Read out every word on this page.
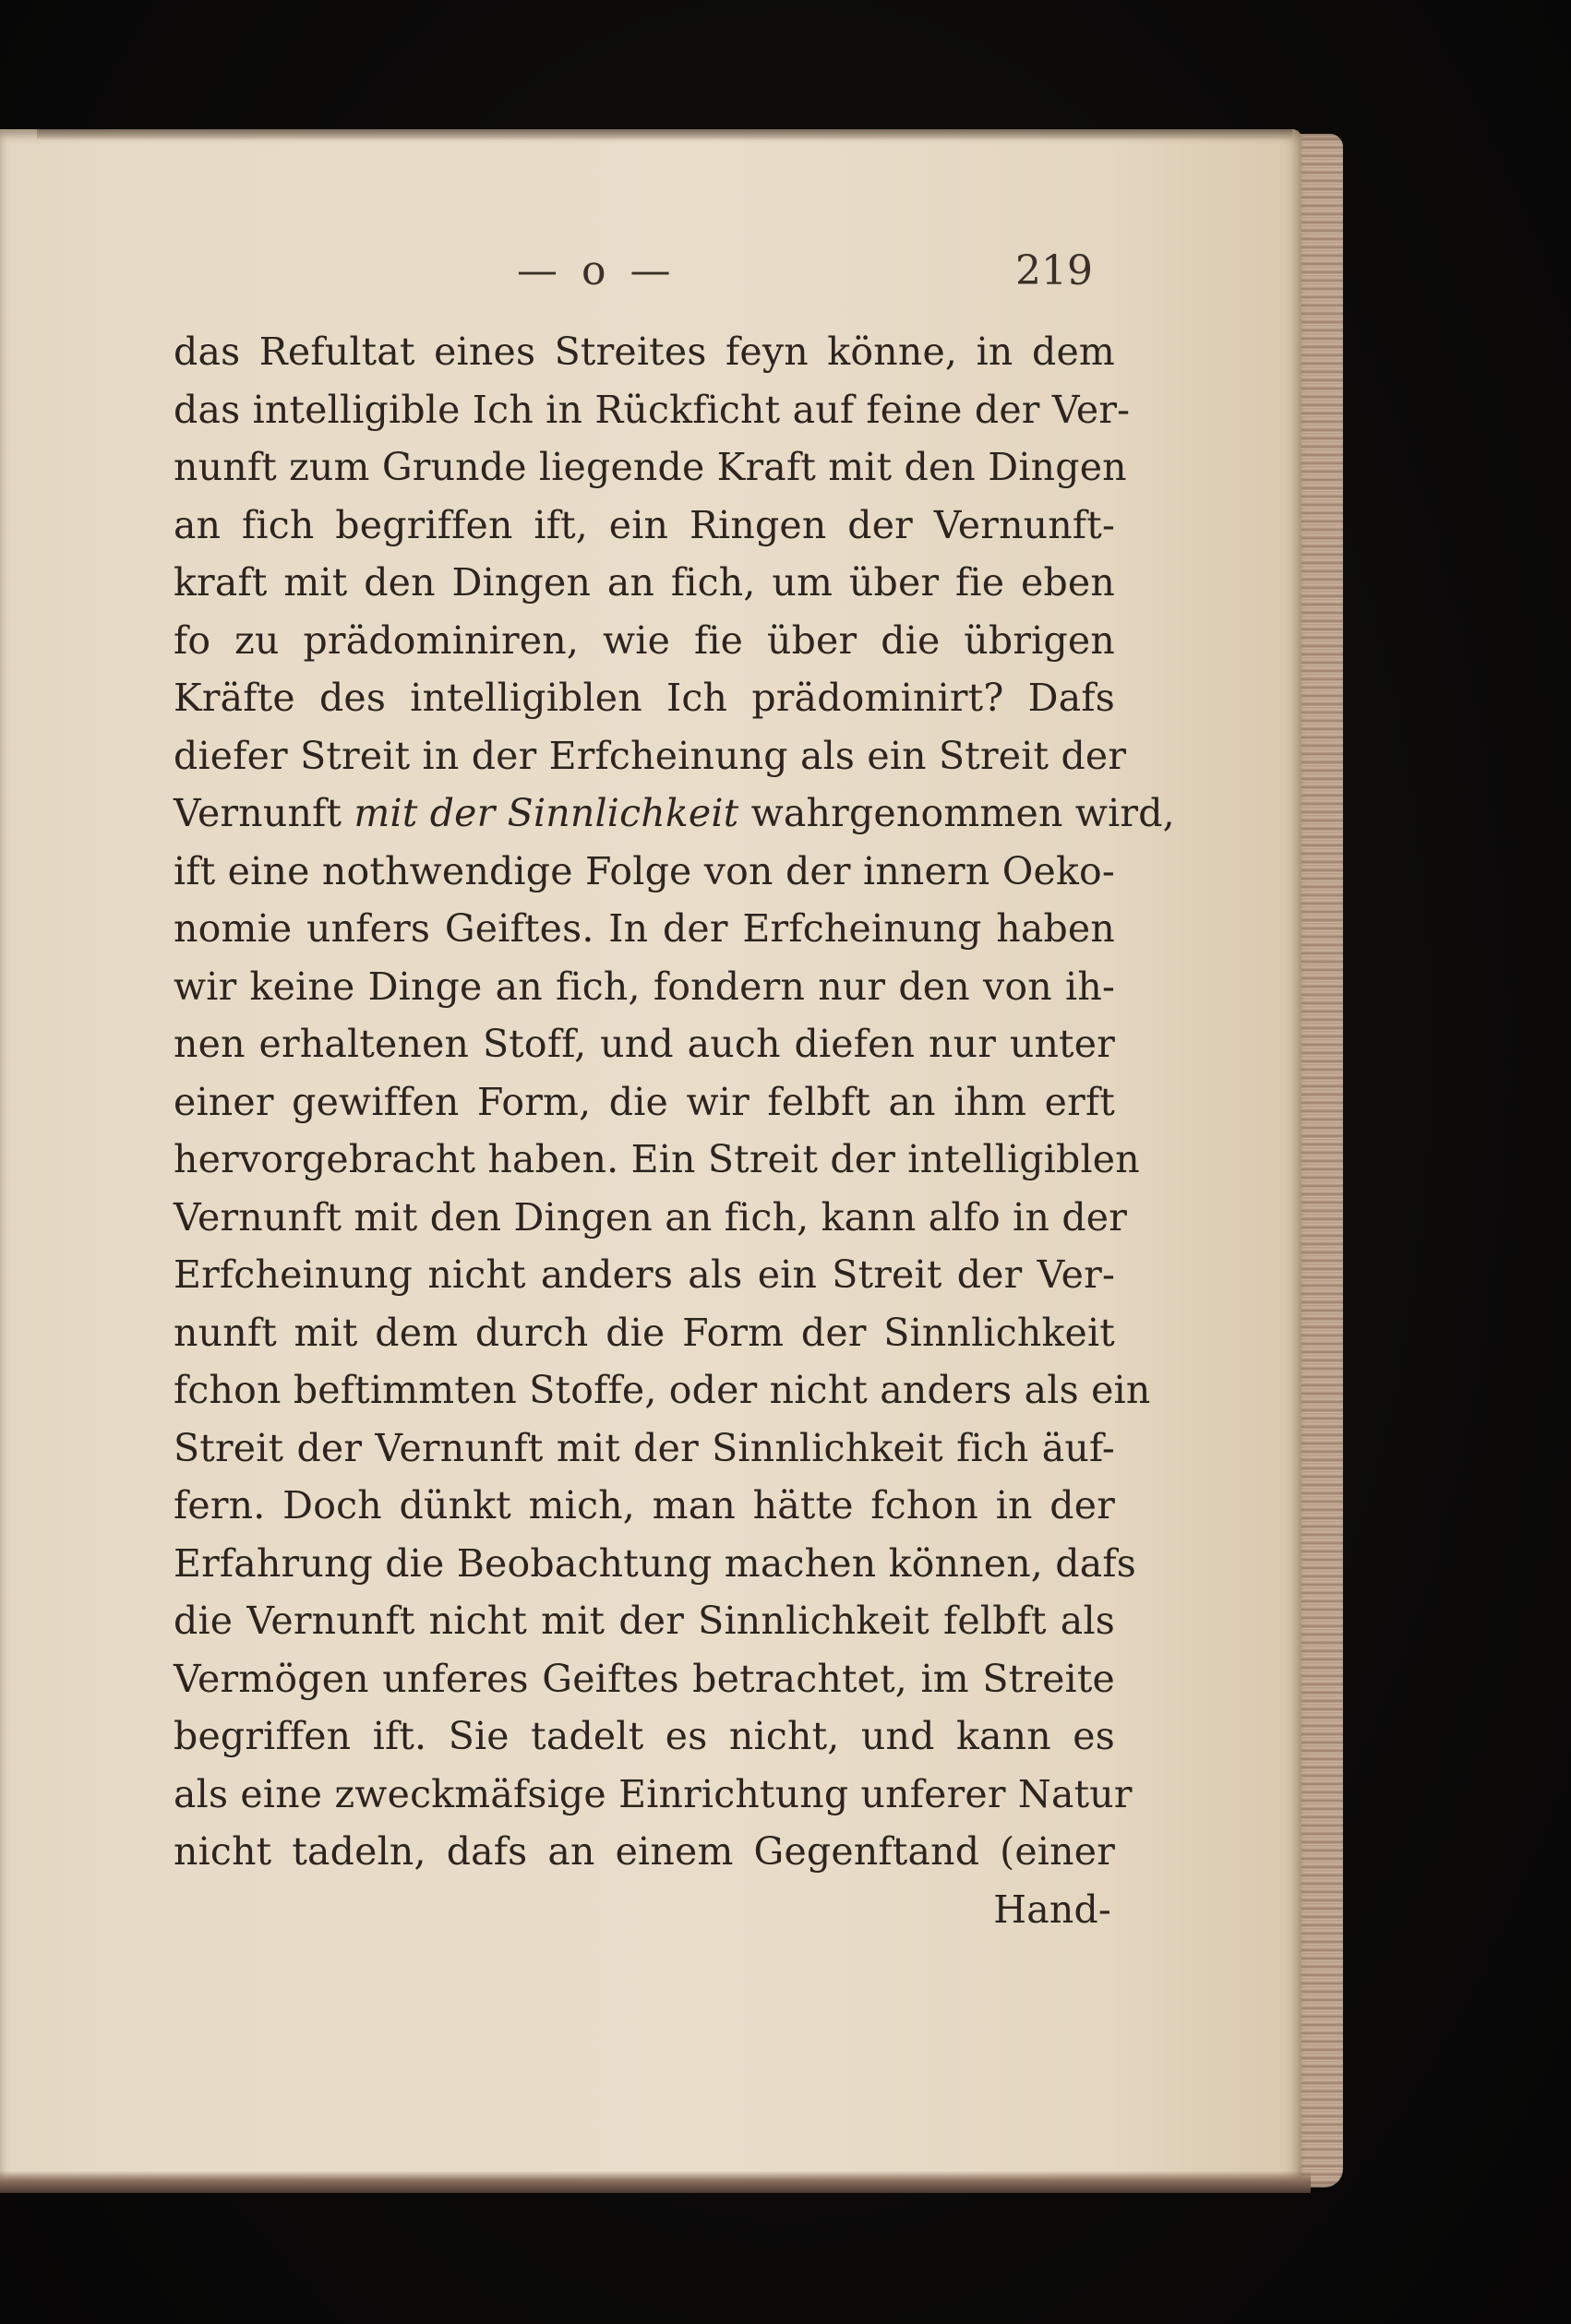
— o —	219
das Refultat eines Streites feyn könne, in dem
das intelligible Ich in Rückficht auf feine der Ver-
nunft zum Grunde liegende Kraft mit den Dingen
an fich begriffen ift, ein Ringen der Vernunft-
kraft mit den Dingen an fich, um über fie eben
fo zu prädominiren, wie fie über die übrigen
Kräfte des intelligiblen Ich prädominirt? Dafs
diefer Streit in der Erfcheinung als ein Streit der
Vernunft mit der Sinnlichkeit wahrgenommen wird,
ift eine nothwendige Folge von der innern Oeko-
nomie unfers Geiftes. In der Erfcheinung haben
wir keine Dinge an fich, fondern nur den von ih-
nen erhaltenen Stoff, und auch diefen nur unter
einer gewiffen Form, die wir felbft an ihm erft
hervorgebracht haben. Ein Streit der intelligiblen
Vernunft mit den Dingen an fich, kann alfo in der
Erfcheinung nicht anders als ein Streit der Ver-
nunft mit dem durch die Form der Sinnlichkeit
fchon beftimmten Stoffe, oder nicht anders als ein
Streit der Vernunft mit der Sinnlichkeit fich äuf-
fern. Doch dünkt mich, man hätte fchon in der
Erfahrung die Beobachtung machen können, dafs
die Vernunft nicht mit der Sinnlichkeit felbft als
Vermögen unferes Geiftes betrachtet, im Streite
begriffen ift. Sie tadelt es nicht, und kann es
als eine zweckmäfsige Einrichtung unferer Natur
nicht tadeln, dafs an einem Gegenftand (einer
Hand-
